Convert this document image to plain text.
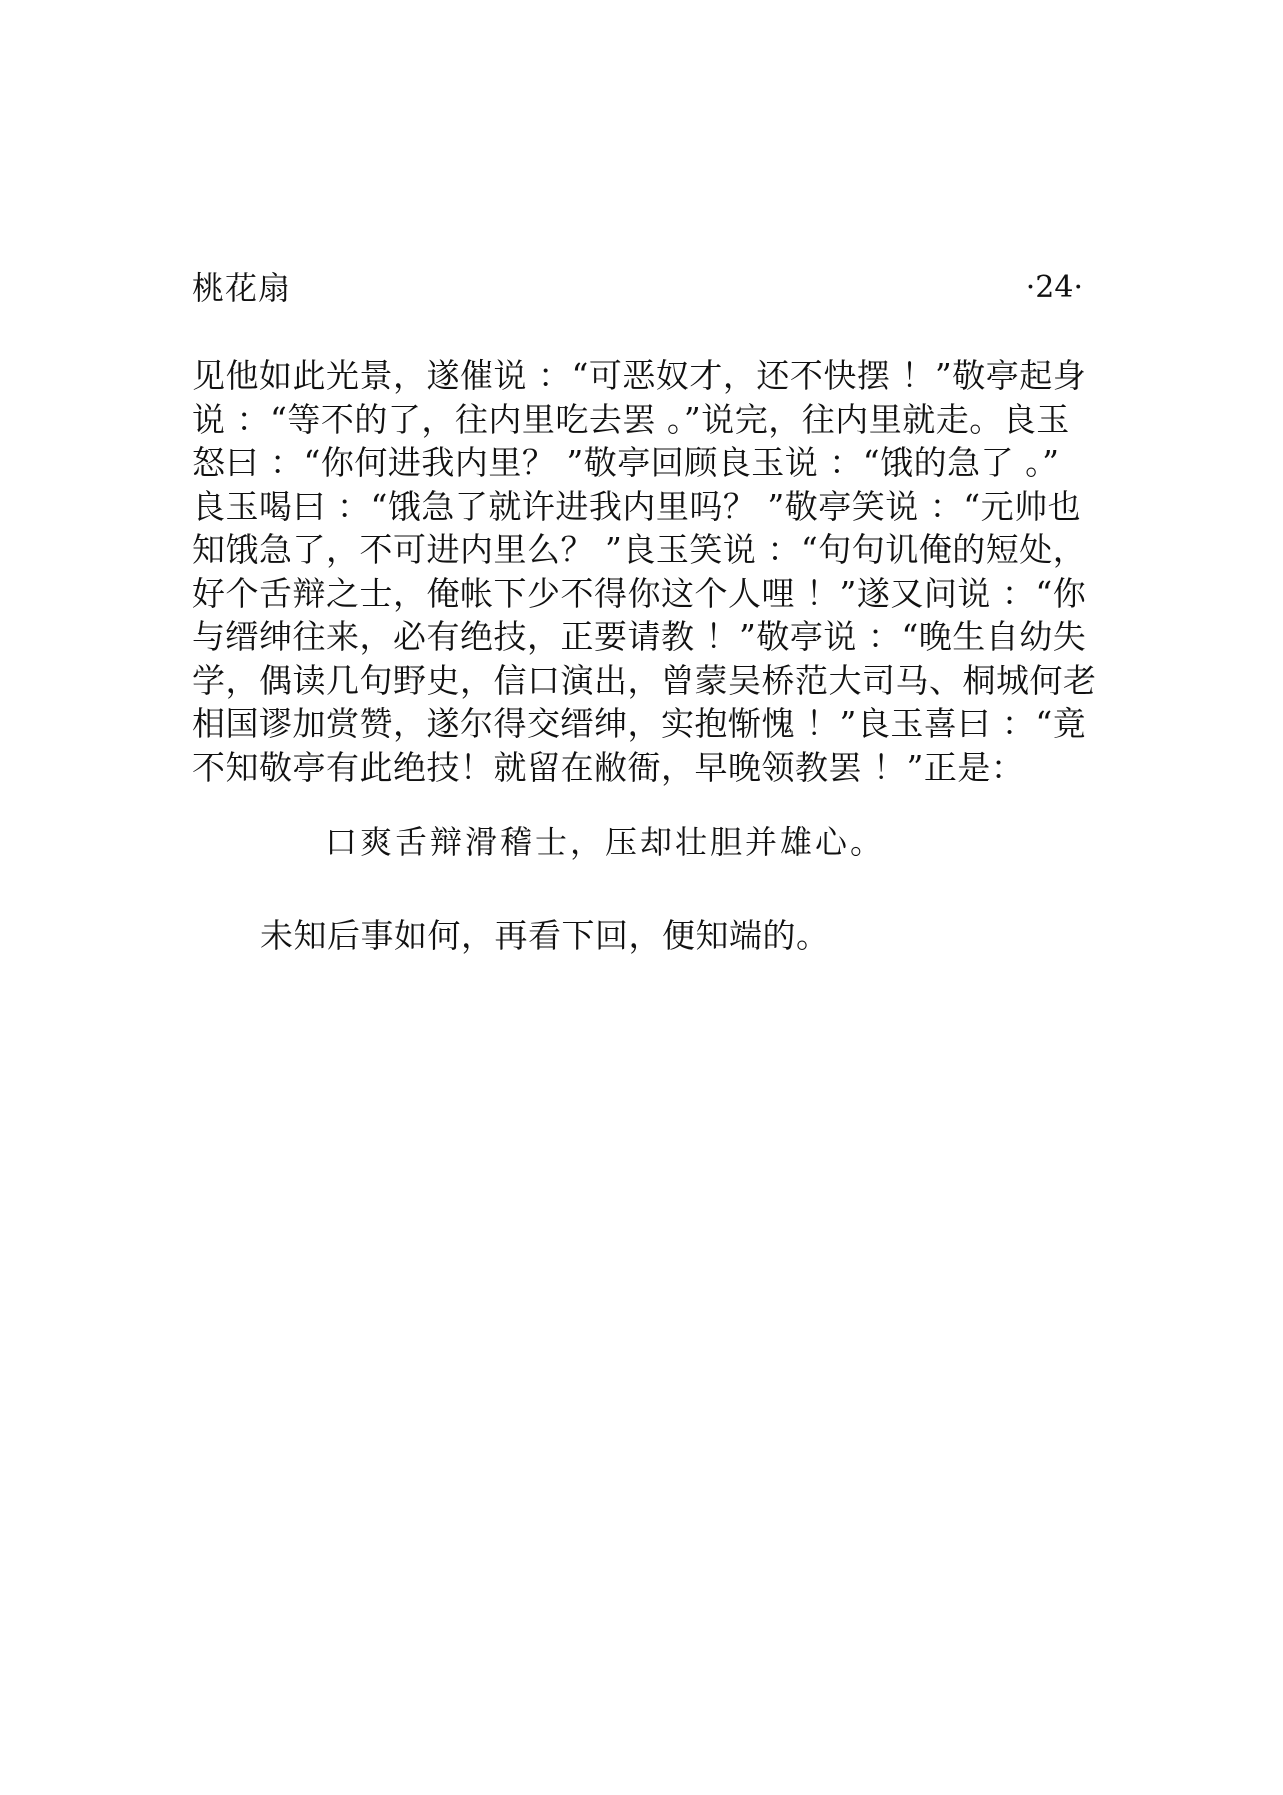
桃花扇	·24·
见他如此光景，遂催说 ：“可恶奴才，还不快摆 ！”敬亭起身
说 ：“等不的了，往内里吃去罢 。”说完，往内里就走。良玉
怒曰 ：“你何进我内里？ ”敬亭回顾良玉说 ：“饿的急了 。”
良玉喝曰 ：“饿急了就许进我内里吗？ ”敬亭笑说 ：“元帅也
知饿急了，不可进内里么？ ”良玉笑说 ：“句句讥俺的短处，
好个舌辩之士，俺帐下少不得你这个人哩 ！”遂又问说 ：“你
与缙绅往来，必有绝技，正要请教 ！”敬亭说 ：“晚生自幼失
学，偶读几句野史，信口演出，曾蒙吴桥范大司马、桐城何老
相国谬加赏赞，遂尔得交缙绅，实抱惭愧 ！”良玉喜曰 ：“竟
不知敬亭有此绝技！就留在敝衙，早晚领教罢 ！”正是：
口爽舌辩滑稽士，压却壮胆并雄心。
未知后事如何，再看下回，便知端的。
